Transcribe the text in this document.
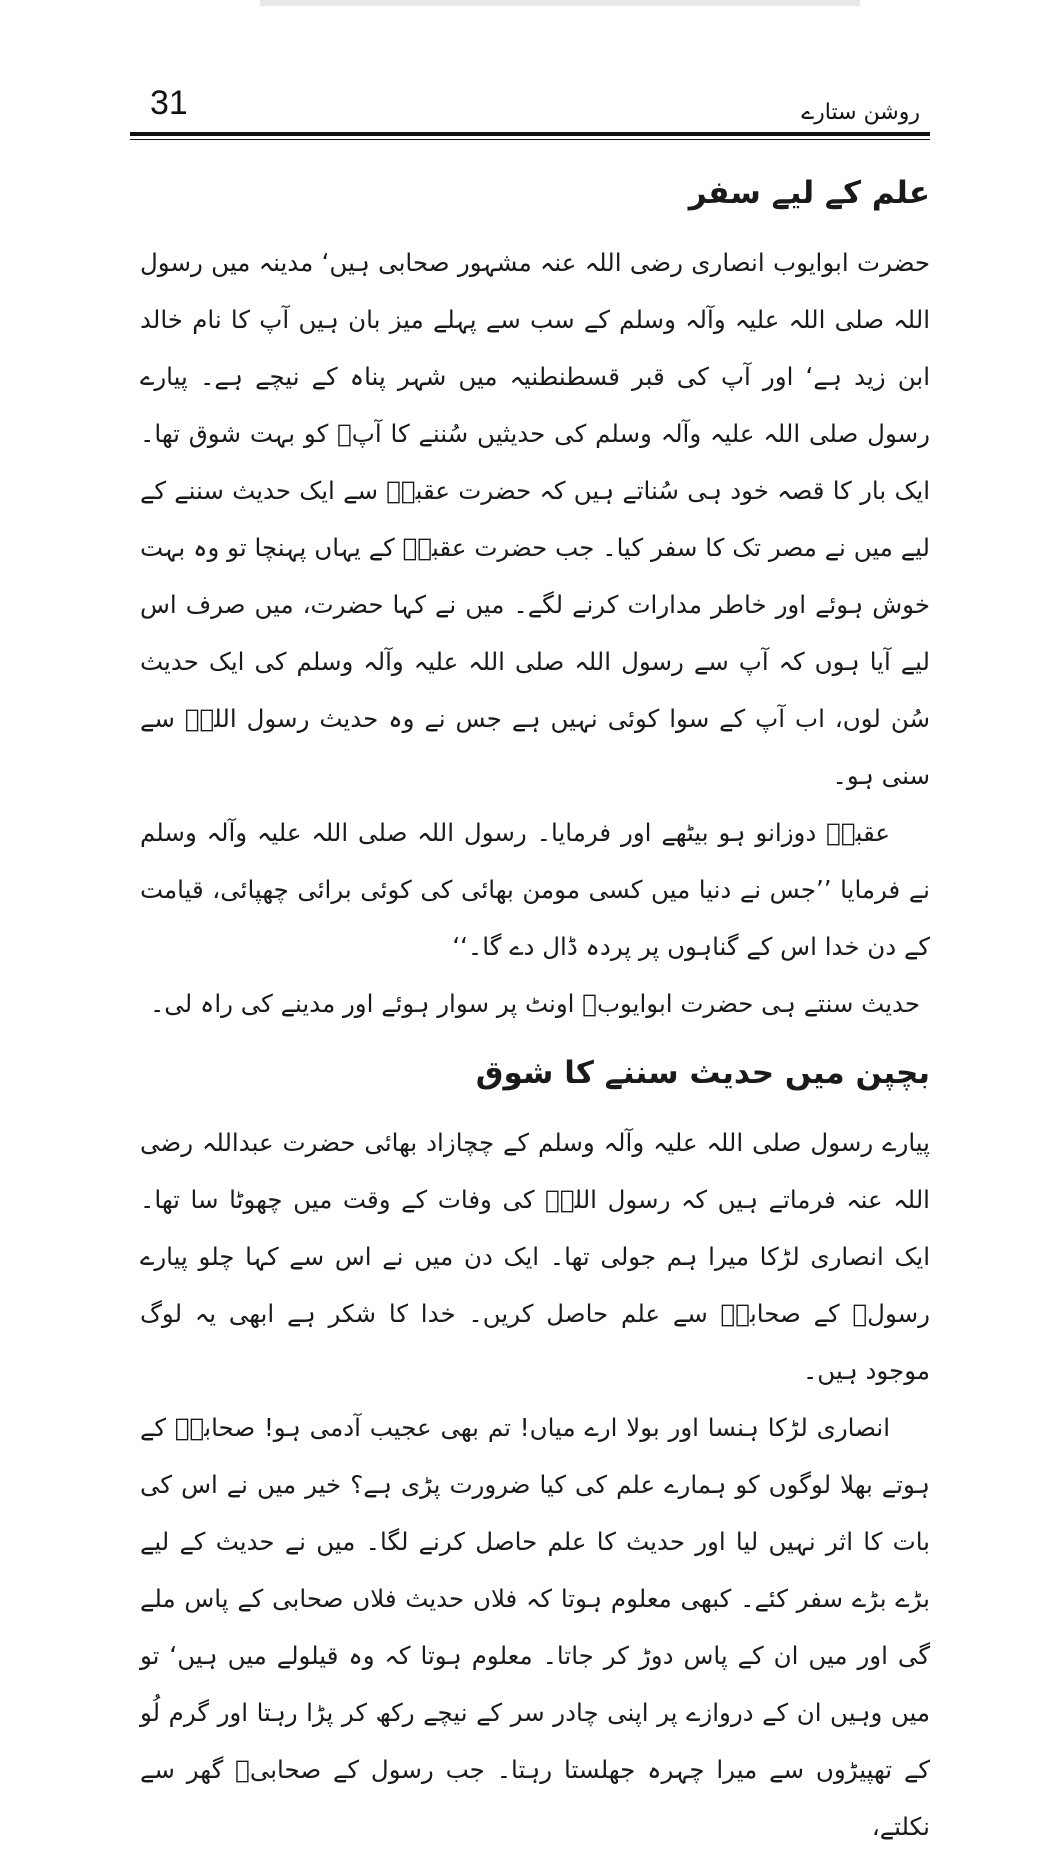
31	روشن ستارے
علم کے لیے سفر

حضرت ابوایوب انصاری رضی اللہ عنہ مشہور صحابی ہیں‘ مدینہ میں رسول اللہ صلی اللہ علیہ وآلہ وسلم کے سب سے پہلے میز بان ہیں آپ کا نام خالد ابن زید ہے‘ اور آپ کی قبر قسطنطنیہ میں شہر پناہ کے نیچے ہے۔ پیارے رسول صلی اللہ علیہ وآلہ وسلم کی حدیثیں سُننے کا آپؓ کو بہت شوق تھا۔ ایک بار کا قصہ خود ہی سُناتے ہیں کہ حضرت عقبہؓ سے ایک حدیث سننے کے لیے میں نے مصر تک کا سفر کیا۔ جب حضرت عقبہؓ کے یہاں پہنچا تو وہ بہت خوش ہوئے اور خاطر مدارات کرنے لگے۔ میں نے کہا حضرت، میں صرف اس لیے آیا ہوں کہ آپ سے رسول اللہ صلی اللہ علیہ وآلہ وسلم کی ایک حدیث سُن لوں، اب آپ کے سوا کوئی نہیں ہے جس نے وہ حدیث رسول اللہؐ سے سنی ہو۔

عقبہؓ دوزانو ہو بیٹھے اور فرمایا۔ رسول اللہ صلی اللہ علیہ وآلہ وسلم نے فرمایا ’’جس نے دنیا میں کسی مومن بھائی کی کوئی برائی چھپائی، قیامت کے دن خدا اس کے گناہوں پر پردہ ڈال دے گا۔‘‘

حدیث سنتے ہی حضرت ابوایوبؓ اونٹ پر سوار ہوئے اور مدینے کی راہ لی۔

بچپن میں حدیث سننے کا شوق

پیارے رسول صلی اللہ علیہ وآلہ وسلم کے چچازاد بھائی حضرت عبداللہ رضی اللہ عنہ فرماتے ہیں کہ رسول اللہؐ کی وفات کے وقت میں چھوٹا سا تھا۔ ایک انصاری لڑکا میرا ہم جولی تھا۔ ایک دن میں نے اس سے کہا چلو پیارے رسولؐ کے صحابہؓ سے علم حاصل کریں۔ خدا کا شکر ہے ابھی یہ لوگ موجود ہیں۔

انصاری لڑکا ہنسا اور بولا ارے میاں! تم بھی عجیب آدمی ہو! صحابہؓ کے ہوتے بھلا لوگوں کو ہمارے علم کی کیا ضرورت پڑی ہے؟ خیر میں نے اس کی بات کا اثر نہیں لیا اور حدیث کا علم حاصل کرنے لگا۔ میں نے حدیث کے لیے بڑے بڑے سفر کئے۔ کبھی معلوم ہوتا کہ فلاں حدیث فلاں صحابی کے پاس ملے گی اور میں ان کے پاس دوڑ کر جاتا۔ معلوم ہوتا کہ وہ قیلولے میں ہیں‘ تو میں وہیں ان کے دروازے پر اپنی چادر سر کے نیچے رکھ کر پڑا رہتا اور گرم لُو کے تھپیڑوں سے میرا چہرہ جھلستا رہتا۔ جب رسول کے صحابیؓ گھر سے نکلتے،
